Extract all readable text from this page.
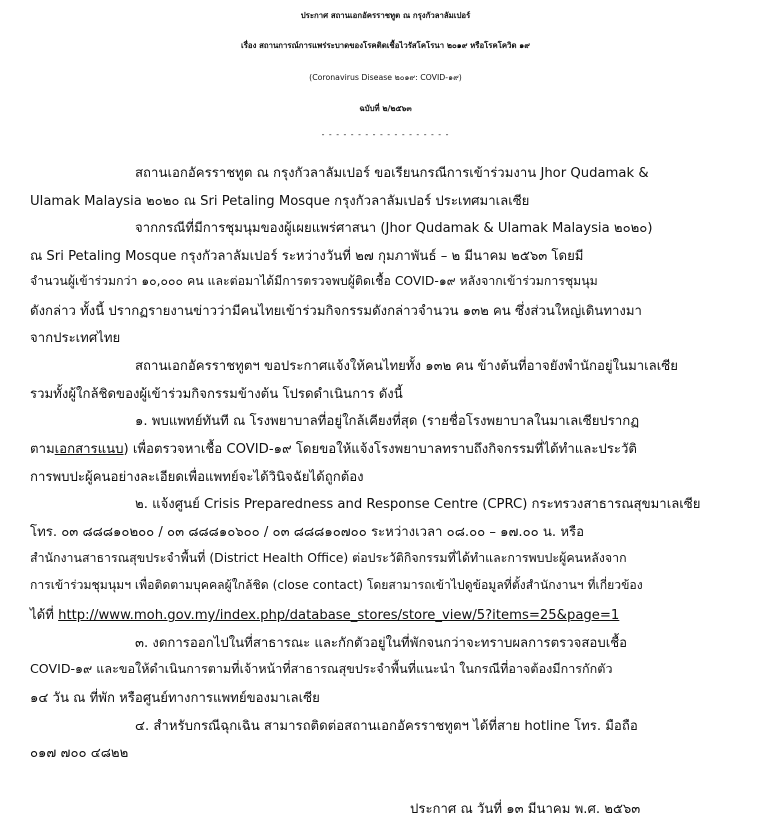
ประกาศ สถานเอกอัครราชทูต ณ กรุงกัวลาลัมเปอร์
เรื่อง สถานการณ์การแพร่ระบาดของโรคติดเชื้อไวรัสโคโรนา ๒๐๑๙ หรือโรคโควิด ๑๙
(Coronavirus Disease ๒๐๑๙: COVID-๑๙)
ฉบับที่ ๒/๒๕๖๓
- - - - - - - - - - - - - - - - - -
สถานเอกอัครราชทูต ณ กรุงกัวลาลัมเปอร์ ขอเรียนกรณีการเข้าร่วมงาน Jhor Qudamak &
Ulamak Malaysia ๒๐๒๐ ณ Sri Petaling Mosque กรุงกัวลาลัมเปอร์ ประเทศมาเลเซีย
จากกรณีที่มีการชุมนุมของผู้เผยแพร่ศาสนา (Jhor Qudamak & Ulamak Malaysia ๒๐๒๐)
ณ Sri Petaling Mosque กรุงกัวลาลัมเปอร์ ระหว่างวันที่ ๒๗ กุมภาพันธ์ – ๒ มีนาคม ๒๕๖๓ โดยมี
จำนวนผู้เข้าร่วมกว่า ๑๐,๐๐๐ คน และต่อมาได้มีการตรวจพบผู้ติดเชื้อ COVID-๑๙ หลังจากเข้าร่วมการชุมนุม
ดังกล่าว ทั้งนี้ ปรากฏรายงานข่าวว่ามีคนไทยเข้าร่วมกิจกรรมดังกล่าวจำนวน ๑๓๒ คน ซึ่งส่วนใหญ่เดินทางมา
จากประเทศไทย
สถานเอกอัครราชทูตฯ ขอประกาศแจ้งให้คนไทยทั้ง ๑๓๒ คน ข้างต้นที่อาจยังพำนักอยู่ในมาเลเซีย
รวมทั้งผู้ใกล้ชิดของผู้เข้าร่วมกิจกรรมข้างต้น โปรดดำเนินการ ดังนี้
๑. พบแพทย์ทันที ณ โรงพยาบาลที่อยู่ใกล้เคียงที่สุด (รายชื่อโรงพยาบาลในมาเลเซียปรากฏ
ตามเอกสารแนบ) เพื่อตรวจหาเชื้อ COVID-๑๙ โดยขอให้แจ้งโรงพยาบาลทราบถึงกิจกรรมที่ได้ทำและประวัติ
การพบปะผู้คนอย่างละเอียดเพื่อแพทย์จะได้วินิจฉัยได้ถูกต้อง
๒. แจ้งศูนย์ Crisis Preparedness and Response Centre (CPRC) กระทรวงสาธารณสุขมาเลเซีย
โทร. ๐๓ ๘๘๘๑๐๒๐๐ / ๐๓ ๘๘๘๑๐๖๐๐ / ๐๓ ๘๘๘๑๐๗๐๐ ระหว่างเวลา ๐๘.๐๐ – ๑๗.๐๐ น. หรือ
สำนักงานสาธารณสุขประจำพื้นที่ (District Health Office) ต่อประวัติกิจกรรมที่ได้ทำและการพบปะผู้คนหลังจาก
การเข้าร่วมชุมนุมฯ เพื่อติดตามบุคคลผู้ใกล้ชิด (close contact) โดยสามารถเข้าไปดูข้อมูลที่ตั้งสำนักงานฯ ที่เกี่ยวข้อง
ได้ที่ http://www.moh.gov.my/index.php/database_stores/store_view/5?items=25&page=1
๓. งดการออกไปในที่สาธารณะ และกักตัวอยู่ในที่พักจนกว่าจะทราบผลการตรวจสอบเชื้อ
COVID-๑๙ และขอให้ดำเนินการตามที่เจ้าหน้าที่สาธารณสุขประจำพื้นที่แนะนำ ในกรณีที่อาจต้องมีการกักตัว
๑๔ วัน ณ ที่พัก หรือศูนย์ทางการแพทย์ของมาเลเซีย
๔. สำหรับกรณีฉุกเฉิน สามารถติดต่อสถานเอกอัครราชทูตฯ ได้ที่สาย hotline โทร. มือถือ
๐๑๗ ๗๐๐ ๔๘๒๒
ประกาศ ณ วันที่ ๑๓ มีนาคม พ.ศ. ๒๕๖๓
